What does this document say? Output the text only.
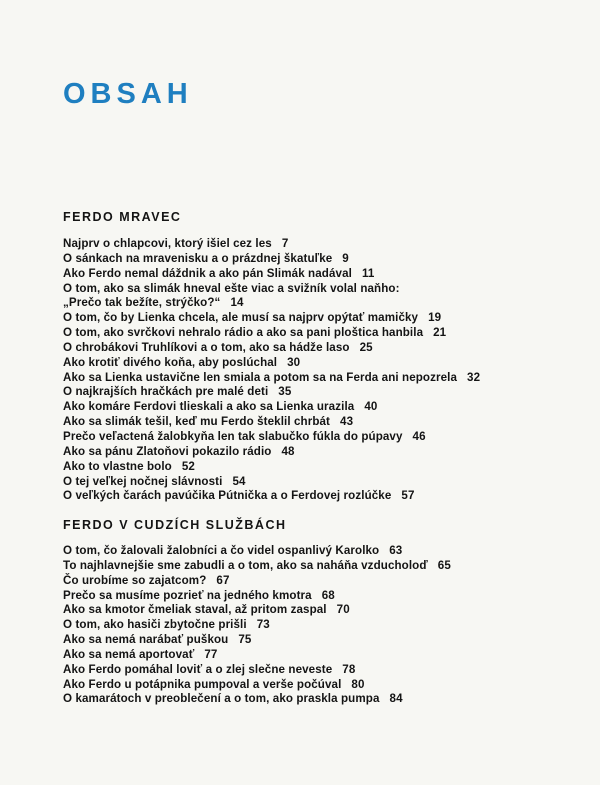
OBSAH
FERDO MRAVEC
Najprv o chlapcovi, ktorý išiel cez les 7
O sánkach na mravenisku a o prázdnej škatuľke 9
Ako Ferdo nemal dáždnik a ako pán Slimák nadával 11
O tom, ako sa slimák hneval ešte viac a svižník volal naňho:
„Prečo tak bežíte, strýčko?“ 14
O tom, čo by Lienka chcela, ale musí sa najprv opýtať mamičky 19
O tom, ako svrčkovi nehralo rádio a ako sa pani ploštica hanbila 21
O chrobákovi Truhlíkovi a o tom, ako sa hádže laso 25
Ako krotiť divého koňa, aby poslúchal 30
Ako sa Lienka ustavične len smiala a potom sa na Ferda ani nepozrela 32
O najkrajších hračkách pre malé deti 35
Ako komáre Ferdovi tlieskali a ako sa Lienka urazila 40
Ako sa slimák tešil, keď mu Ferdo šteklil chrbát 43
Prečo veľactená žalobkyňa len tak slabučko fúkla do púpavy 46
Ako sa pánu Zlatoňovi pokazilo rádio 48
Ako to vlastne bolo 52
O tej veľkej nočnej slávnosti 54
O veľkých čarách pavúčika Pútnička a o Ferdovej rozlúčke 57
FERDO V CUDZÍCH SLUŽBÁCH
O tom, čo žalovali žalobníci a čo videl ospanlivý Karolko 63
To najhlavnejšie sme zabudli a o tom, ako sa naháňa vzducholoď 65
Čo urobíme so zajatcom? 67
Prečo sa musíme pozrieť na jedného kmotra 68
Ako sa kmotor čmeliak staval, až pritom zaspal 70
O tom, ako hasiči zbytočne prišli 73
Ako sa nemá narábať puškou 75
Ako sa nemá aportovať 77
Ako Ferdo pomáhal loviť a o zlej slečne neveste 78
Ako Ferdo u potápnika pumpoval a verše počúval 80
O kamarátoch v preoblečení a o tom, ako praskla pumpa 84
